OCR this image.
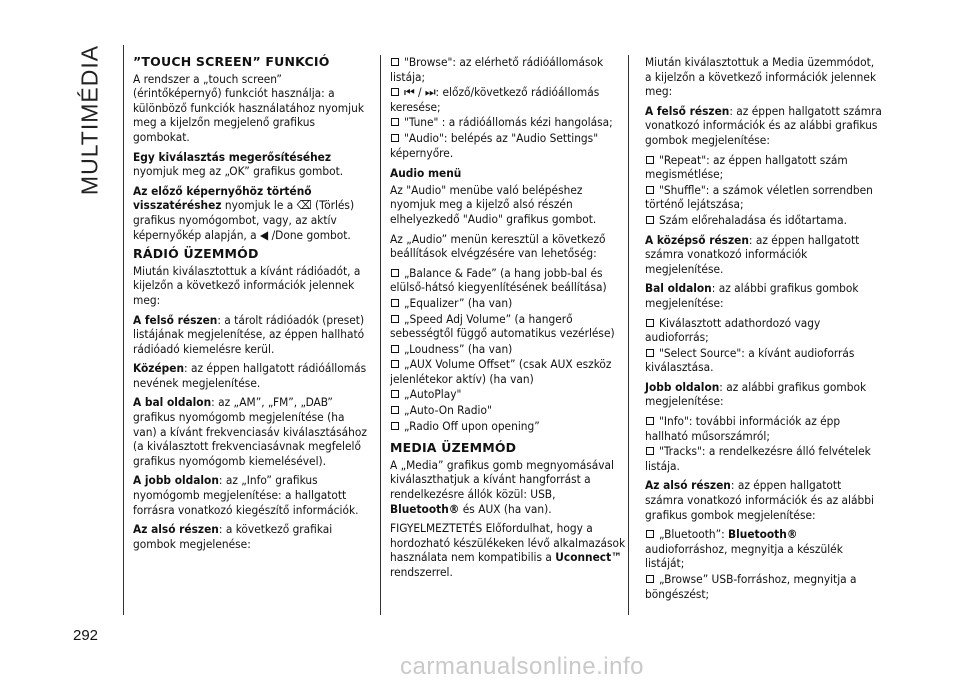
MULTIMÉDIA
292
”TOUCH SCREEN” FUNKCIÓ

A rendszer a „touch screen” (érintőképernyő) funkciót használja: a különböző funkciók használatához nyomjuk meg a kijelzőn megjelenő grafikus gombokat.

Egy kiválasztás megerősítéséhez nyomjuk meg az „OK” grafikus gombot.

Az előző képernyőhöz történő visszatéréshez nyomjuk le a ⌫ (Törlés) grafikus nyomógombot, vagy, az aktív képernyőkép alapján, a ◀ /Done gombot.

RÁDIÓ ÜZEMMÓD

Miután kiválasztottuk a kívánt rádióadót, a kijelzőn a következő információk jelennek meg:

A felső részen: a tárolt rádióadók (preset) listájának megjelenítése, az éppen hallható rádióadó kiemelésre kerül.

Középen: az éppen hallgatott rádióállomás nevének megjelenítése.

A bal oldalon: az „AM”, „FM”, „DAB” grafikus nyomógomb megjelenítése (ha van) a kívánt frekvenciasáv kiválasztásához (a kiválasztott frekvenciasávnak megfelelő grafikus nyomógomb kiemelésével).

A jobb oldalon: az „Info” grafikus nyomógomb megjelenítése: a hallgatott forrásra vonatkozó kiegészítő információk.

Az alsó részen: a következő grafikai gombok megjelenése:

"Browse": az elérhető rádióállomások listája;
⏮ / ⏭: előző/következő rádióállomás keresése;
"Tune" : a rádióállomás kézi hangolása;
"Audio": belépés az "Audio Settings" képernyőre.
Audio menü

Az "Audio" menübe való belépéshez nyomjuk meg a kijelző alsó részén elhelyezkedő "Audio" grafikus gombot.

Az „Audio” menün keresztül a következő beállítások elvégzésére van lehetőség:

„Balance & Fade” (a hang jobb-bal és elülső-hátsó kiegyenlítésének beállítása)
„Equalizer” (ha van)
„Speed Adj Volume” (a hangerő sebességtől függő automatikus vezérlése)
„Loudness” (ha van)
„AUX Volume Offset” (csak AUX eszköz jelenlétekor aktív) (ha van)
„AutoPlay"
„Auto-On Radio"
„Radio Off upon opening”
MEDIA ÜZEMMÓD

A „Media” grafikus gomb megnyomásával kiválaszthatjuk a kívánt hangforrást a rendelkezésre állók közül: USB, Bluetooth® és AUX (ha van).

FIGYELMEZTETÉS Előfordulhat, hogy a hordozható készülékeken lévő alkalmazások használata nem kompatibilis a Uconnect™ rendszerrel.

Miután kiválasztottuk a Media üzemmódot, a kijelzőn a következő információk jelennek meg:

A felső részen: az éppen hallgatott számra vonatkozó információk és az alábbi grafikus gombok megjelenítése:

"Repeat": az éppen hallgatott szám megismétlése;
"Shuffle": a számok véletlen sorrendben történő lejátszása;
Szám előrehaladása és időtartama.

A középső részen: az éppen hallgatott számra vonatkozó információk megjelenítése.

Bal oldalon: az alábbi grafikus gombok megjelenítése:

Kiválasztott adathordozó vagy audioforrás;
"Select Source": a kívánt audioforrás kiválasztása.

Jobb oldalon: az alábbi grafikus gombok megjelenítése:

"Info": további információk az épp hallható műsorszámról;
"Tracks": a rendelkezésre álló felvételek listája.

Az alsó részen: az éppen hallgatott számra vonatkozó információk és az alábbi grafikus gombok megjelenítése:

„Bluetooth”: Bluetooth® audioforráshoz, megnyitja a készülék listáját;
„Browse” USB-forráshoz, megnyitja a böngészést;
carmanualsonline.info
